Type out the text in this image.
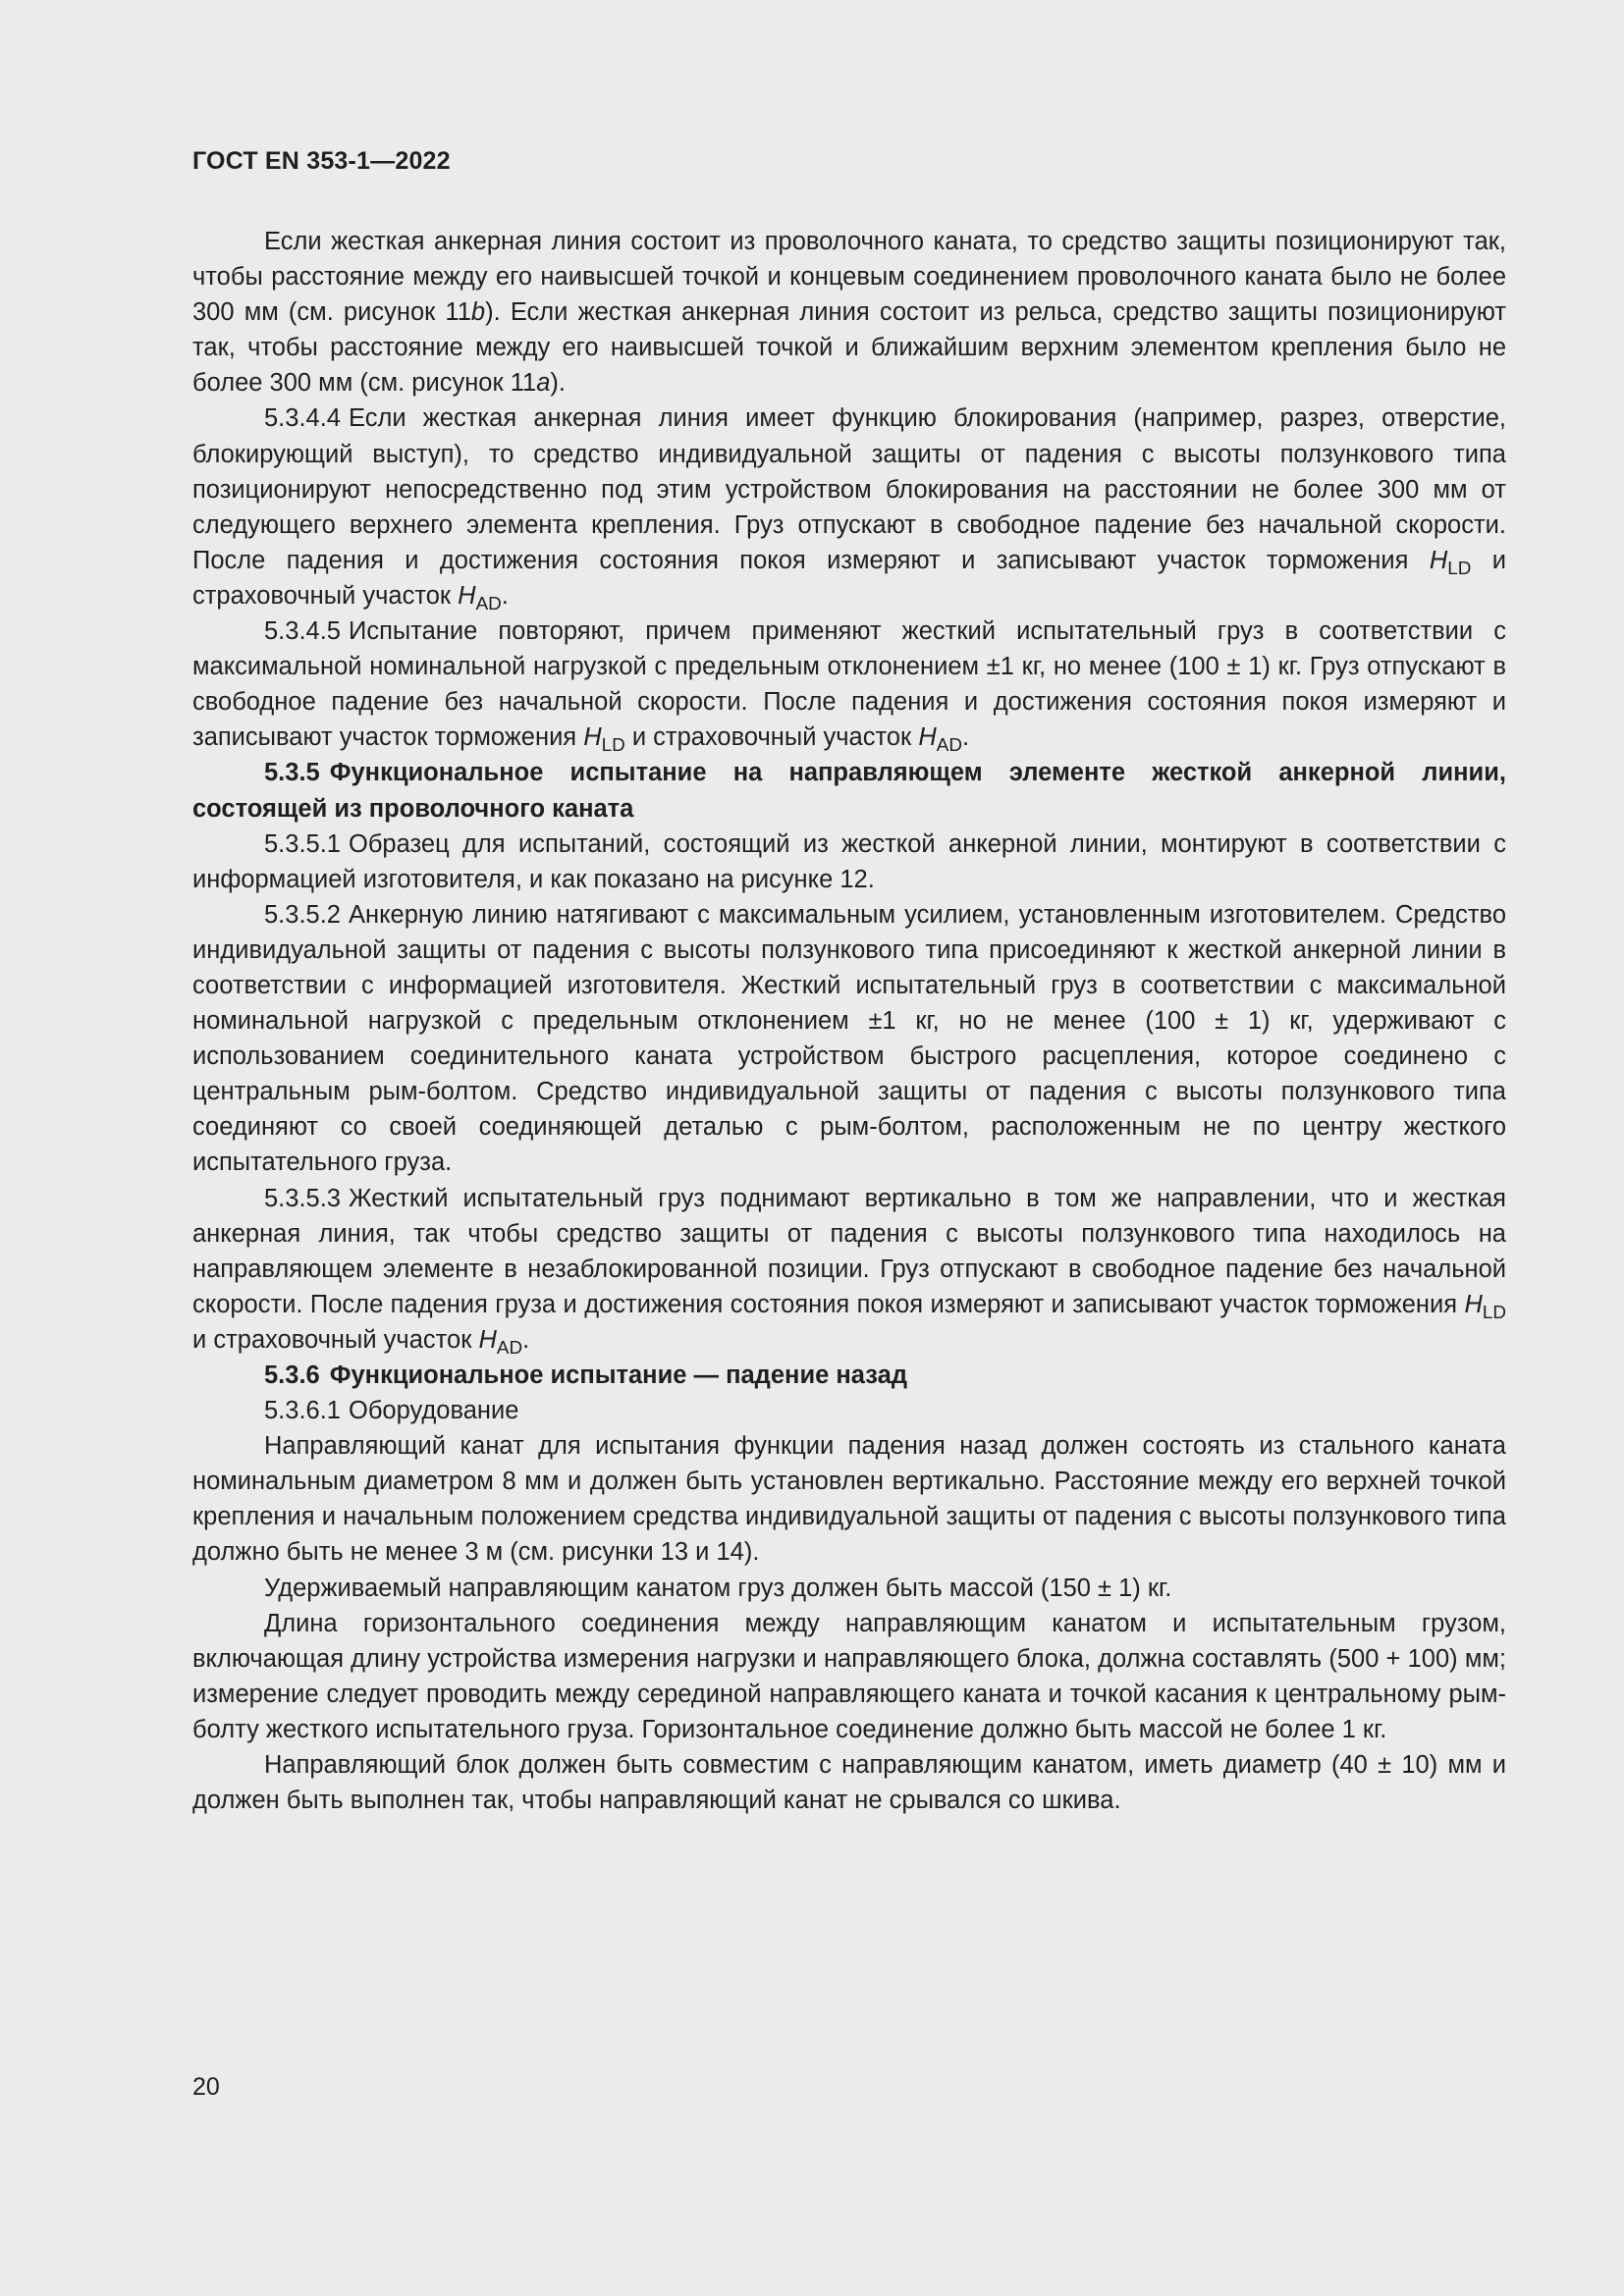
ГОСТ EN 353-1—2022

Если жесткая анкерная линия состоит из проволочного каната, то средство защиты позиционируют так, чтобы расстояние между его наивысшей точкой и концевым соединением проволочного каната было не более 300 мм (см. рисунок 11b). Если жесткая анкерная линия состоит из рельса, средство защиты позиционируют так, чтобы расстояние между его наивысшей точкой и ближайшим верхним элементом крепления было не более 300 мм (см. рисунок 11a).

5.3.4.4 Если жесткая анкерная линия имеет функцию блокирования (например, разрез, отверстие, блокирующий выступ), то средство индивидуальной защиты от падения с высоты ползункового типа позиционируют непосредственно под этим устройством блокирования на расстоянии не более 300 мм от следующего верхнего элемента крепления. Груз отпускают в свободное падение без начальной скорости. После падения и достижения состояния покоя измеряют и записывают участок торможения $H_{LD}$ и страховочный участок $H_{AD}$.

5.3.4.5 Испытание повторяют, причем применяют жесткий испытательный груз в соответствии с максимальной номинальной нагрузкой с предельным отклонением ±1 кг, но менее (100 ± 1) кг. Груз отпускают в свободное падение без начальной скорости. После падения и достижения состояния покоя измеряют и записывают участок торможения $H_{LD}$ и страховочный участок $H_{AD}$.

5.3.5 Функциональное испытание на направляющем элементе жесткой анкерной линии, состоящей из проволочного каната

5.3.5.1 Образец для испытаний, состоящий из жесткой анкерной линии, монтируют в соответствии с информацией изготовителя, и как показано на рисунке 12.

5.3.5.2 Анкерную линию натягивают с максимальным усилием, установленным изготовителем. Средство индивидуальной защиты от падения с высоты ползункового типа присоединяют к жесткой анкерной линии в соответствии с информацией изготовителя. Жесткий испытательный груз в соответствии с максимальной номинальной нагрузкой с предельным отклонением ±1 кг, но не менее (100 ± 1) кг, удерживают с использованием соединительного каната устройством быстрого расцепления, которое соединено с центральным рым-болтом. Средство индивидуальной защиты от падения с высоты ползункового типа соединяют со своей соединяющей деталью с рым-болтом, расположенным не по центру жесткого испытательного груза.

5.3.5.3 Жесткий испытательный груз поднимают вертикально в том же направлении, что и жесткая анкерная линия, так чтобы средство защиты от падения с высоты ползункового типа находилось на направляющем элементе в незаблокированной позиции. Груз отпускают в свободное падение без начальной скорости. После падения груза и достижения состояния покоя измеряют и записывают участок торможения $H_{LD}$ и страховочный участок $H_{AD}$.

5.3.6 Функциональное испытание — падение назад

5.3.6.1 Оборудование

Направляющий канат для испытания функции падения назад должен состоять из стального каната номинальным диаметром 8 мм и должен быть установлен вертикально. Расстояние между его верхней точкой крепления и начальным положением средства индивидуальной защиты от падения с высоты ползункового типа должно быть не менее 3 м (см. рисунки 13 и 14).

Удерживаемый направляющим канатом груз должен быть массой (150 ± 1) кг.

Длина горизонтального соединения между направляющим канатом и испытательным грузом, включающая длину устройства измерения нагрузки и направляющего блока, должна составлять (500 + 100) мм; измерение следует проводить между серединой направляющего каната и точкой касания к центральному рым-болту жесткого испытательного груза. Горизонтальное соединение должно быть массой не более 1 кг.

Направляющий блок должен быть совместим с направляющим канатом, иметь диаметр (40 ± 10) мм и должен быть выполнен так, чтобы направляющий канат не срывался со шкива.

20
